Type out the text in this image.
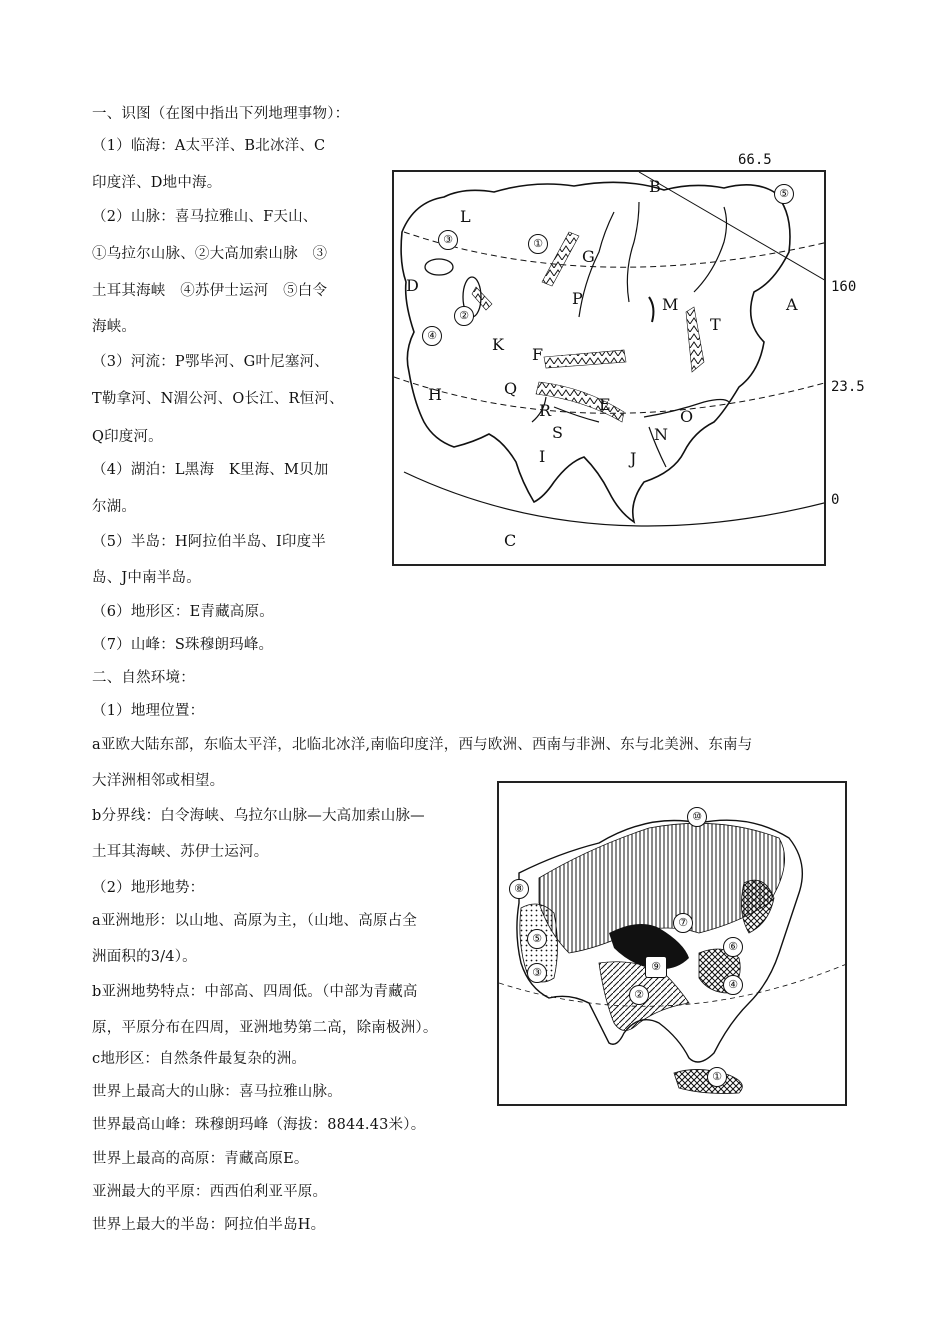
一、识图（在图中指出下列地理事物）：
（1）临海：A太平洋、B北冰洋、C
印度洋、D地中海。
（2）山脉：喜马拉雅山、F天山、
①乌拉尔山脉、②大高加索山脉　③
土耳其海峡　④苏伊士运河　⑤白令
海峡。
（3）河流：P鄂毕河、G叶尼塞河、
T勒拿河、N湄公河、O长江、R恒河、
Q印度河。
（4）湖泊：L黑海　K里海、M贝加
尔湖。
（5）半岛：H阿拉伯半岛、I印度半
岛、J中南半岛。
（6）地形区：E青藏高原。
（7）山峰：S珠穆朗玛峰。
二、自然环境：
（1）地理位置：
a亚欧大陆东部，东临太平洋，北临北冰洋,南临印度洋，西与欧洲、西南与非洲、东与北美洲、东南与
大洋洲相邻或相望。
b分界线：白令海峡、乌拉尔山脉—大高加索山脉—
土耳其海峡、苏伊士运河。
（2）地形地势：
a亚洲地形：以山地、高原为主，（山地、高原占全
洲面积的3/4）。
b亚洲地势特点：中部高、四周低。（中部为青藏高
原，平原分布在四周，亚洲地势第二高，除南极洲）。
c地形区：自然条件最复杂的洲。
世界上最高大的山脉：喜马拉雅山脉。
世界最高山峰：珠穆朗玛峰（海拔：8844.43米）。
世界上最高的高原：青藏高原E。
亚洲最大的平原：西西伯利亚平原。
世界上最大的半岛：阿拉伯半岛H。
66.5
160
23.5
0
A
B
C
D
E
F
G
H
I	J
K
L
M
N
O
P
Q
R
S
T
①
②
③
④
⑤
①
②
③
④
⑤
⑥
⑦
⑧
⑨
⑩
